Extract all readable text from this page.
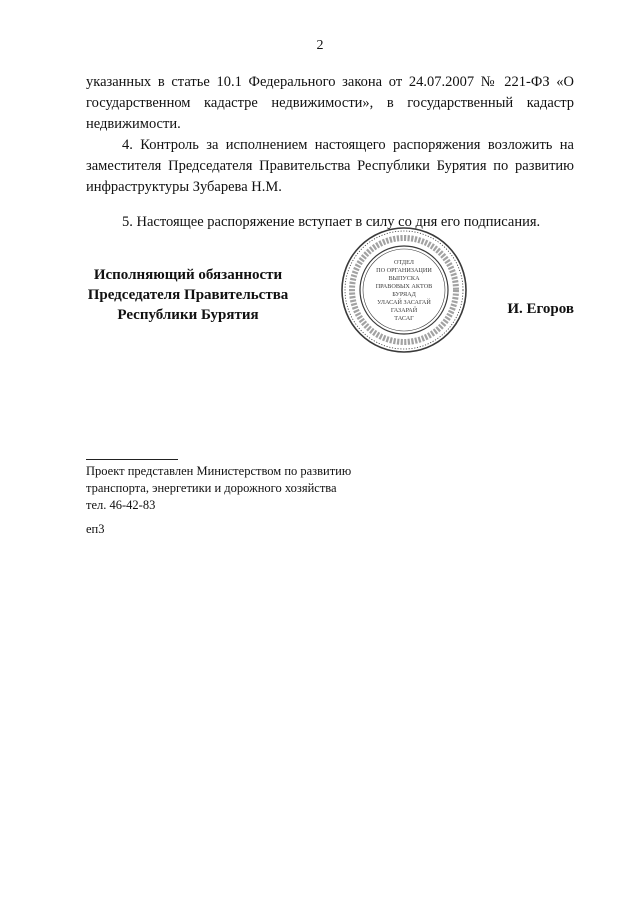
2

указанных в статье 10.1 Федерального закона от 24.07.2007 № 221-ФЗ «О государственном кадастре недвижимости», в государственный кадастр недвижимости.

4. Контроль за исполнением настоящего распоряжения возложить на заместителя Председателя Правительства Республики Бурятия по развитию инфраструктуры Зубарева Н.М.

5. Настоящее распоряжение вступает в силу со дня его подписания.

Исполняющий обязанности
Председателя Правительства
Республики Бурятия
ОТДЕЛ
ПО ОРГАНИЗАЦИИ
ВЫПУСКА
ПРАВОВЫХ АКТОВ
БУРЯАД
УЛАСАЙ ЗАСАГАЙ
ГАЗАРАЙ
ТАСАГ
И. Егоров
Проект представлен Министерством по развитию
транспорта, энергетики и дорожного хозяйства
тел. 46-42-83
еп3
